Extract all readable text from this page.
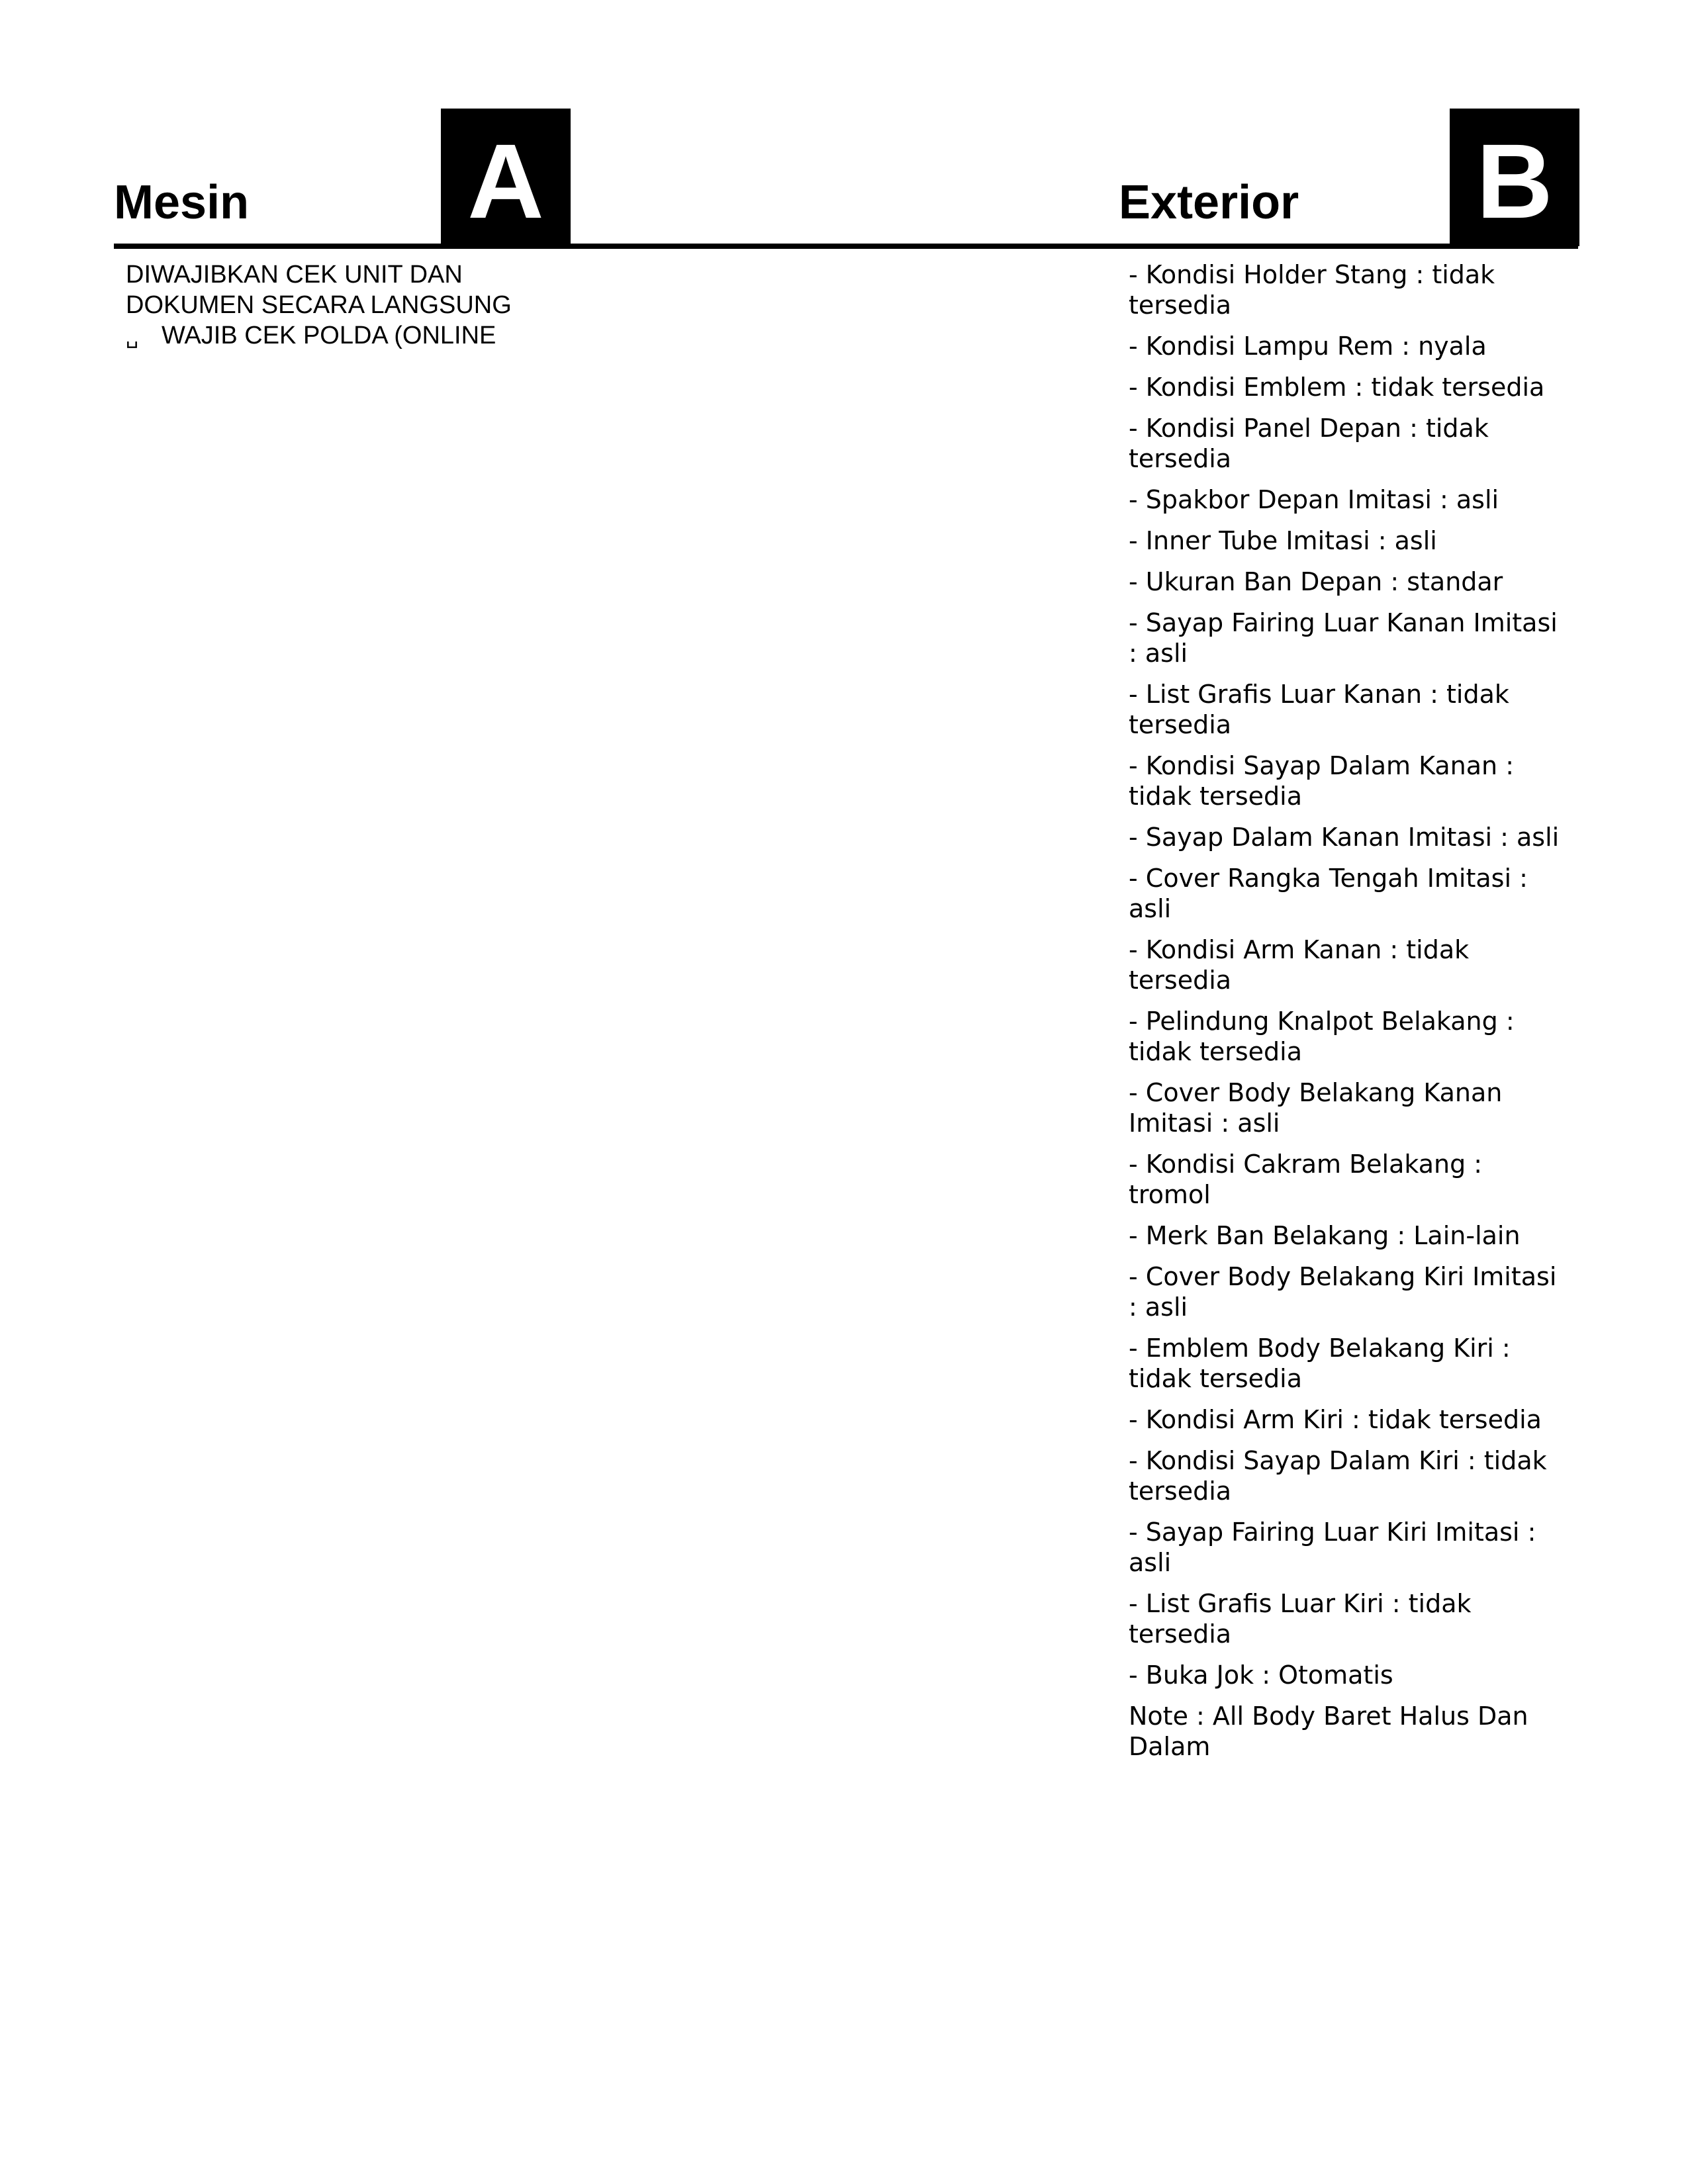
Mesin A	Exterior B
DIWAJIBKAN CEK UNIT DAN
DOKUMEN SECARA LANGSUNG
␣ WAJIB CEK POLDA (ONLINE
- Kondisi Holder Stang : tidak tersedia
- Kondisi Lampu Rem : nyala
- Kondisi Emblem : tidak tersedia
- Kondisi Panel Depan : tidak tersedia
- Spakbor Depan Imitasi : asli
- Inner Tube Imitasi : asli
- Ukuran Ban Depan : standar
- Sayap Fairing Luar Kanan Imitasi : asli
- List Grafis Luar Kanan : tidak tersedia
- Kondisi Sayap Dalam Kanan : tidak tersedia
- Sayap Dalam Kanan Imitasi : asli
- Cover Rangka Tengah Imitasi : asli
- Kondisi Arm Kanan : tidak tersedia
- Pelindung Knalpot Belakang : tidak tersedia
- Cover Body Belakang Kanan Imitasi : asli
- Kondisi Cakram Belakang : tromol
- Merk Ban Belakang : Lain-lain
- Cover Body Belakang Kiri Imitasi : asli
- Emblem Body Belakang Kiri : tidak tersedia
- Kondisi Arm Kiri : tidak tersedia
- Kondisi Sayap Dalam Kiri : tidak tersedia
- Sayap Fairing Luar Kiri Imitasi : asli
- List Grafis Luar Kiri : tidak tersedia
- Buka Jok : Otomatis
Note : All Body Baret Halus Dan Dalam
